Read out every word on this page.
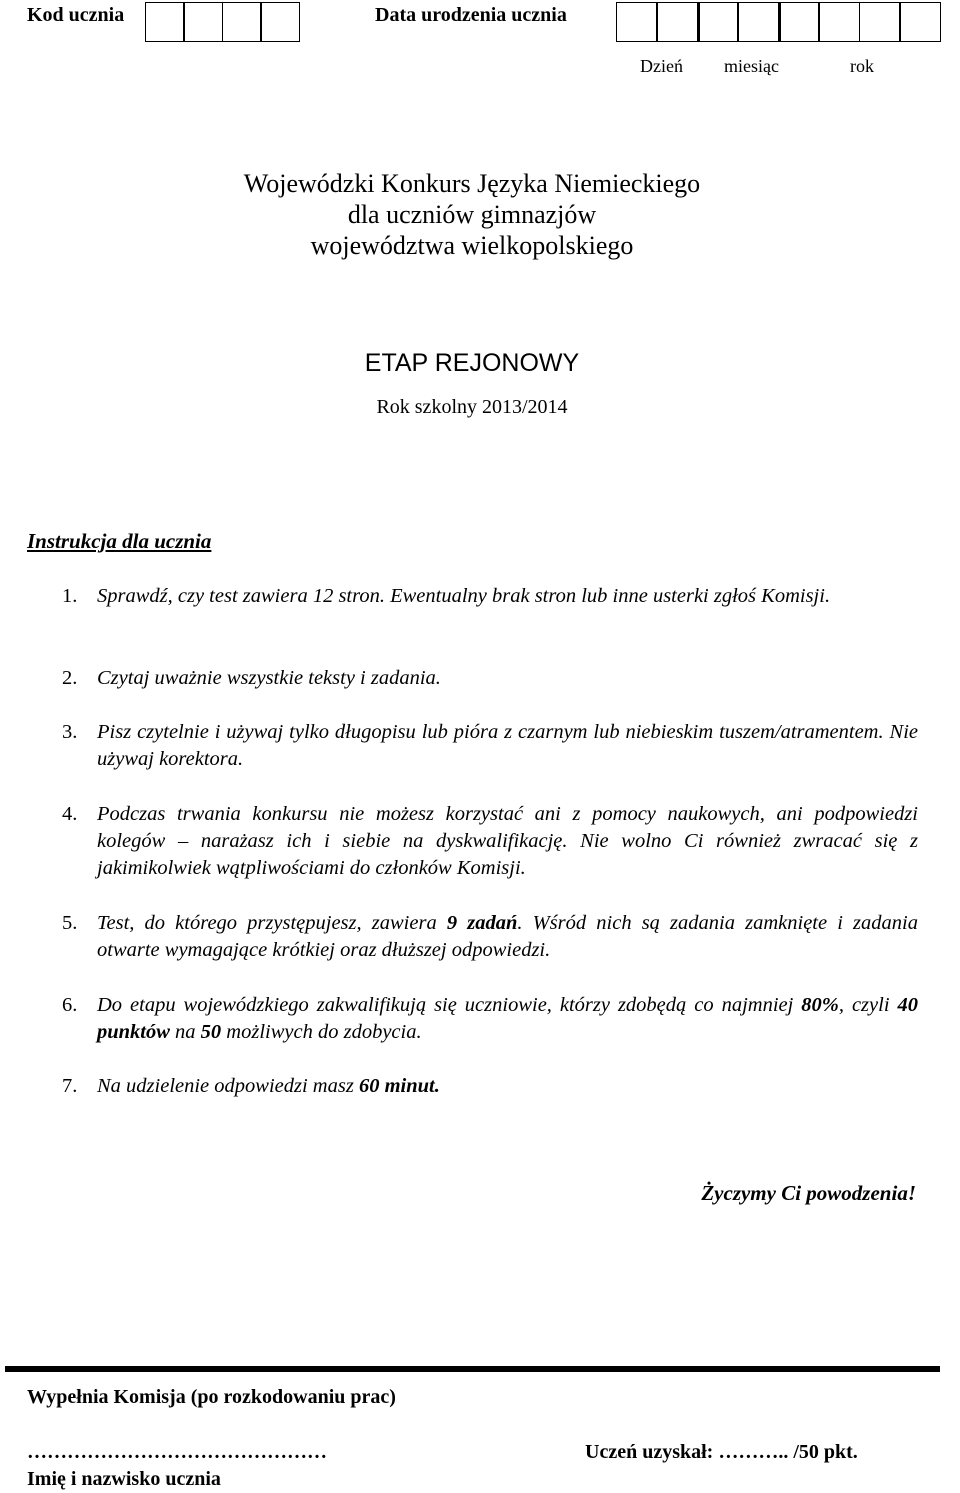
Kod ucznia	Data urodzenia ucznia
Dzień miesiąc	rok
Wojewódzki Konkurs Języka Niemieckiego
dla uczniów gimnazjów
województwa wielkopolskiego
ETAP REJONOWY
Rok szkolny 2013/2014
Instrukcja dla ucznia
1. Sprawdź, czy test zawiera 12 stron. Ewentualny brak stron lub inne usterki zgłoś Komisji.
2. Czytaj uważnie wszystkie teksty i zadania.
3. Pisz czytelnie i używaj tylko długopisu lub pióra z czarnym lub niebieskim tuszem/atramentem. Nie używaj korektora.
4. Podczas trwania konkursu nie możesz korzystać ani z pomocy naukowych, ani podpowiedzi kolegów – narażasz ich i siebie na dyskwalifikację. Nie wolno Ci również zwracać się z jakimikolwiek wątpliwościami do członków Komisji.
5. Test, do którego przystępujesz, zawiera 9 zadań. Wśród nich są zadania zamknięte i zadania otwarte wymagające krótkiej oraz dłuższej odpowiedzi.
6. Do etapu wojewódzkiego zakwalifikują się uczniowie, którzy zdobędą co najmniej 80%, czyli 40 punktów na 50 możliwych do zdobycia.
7. Na udzielenie odpowiedzi masz 60 minut.
Życzymy Ci powodzenia!
Wypełnia Komisja (po rozkodowaniu prac)
………………………………………
Imię i nazwisko ucznia
Uczeń uzyskał: ……….. /50 pkt.
